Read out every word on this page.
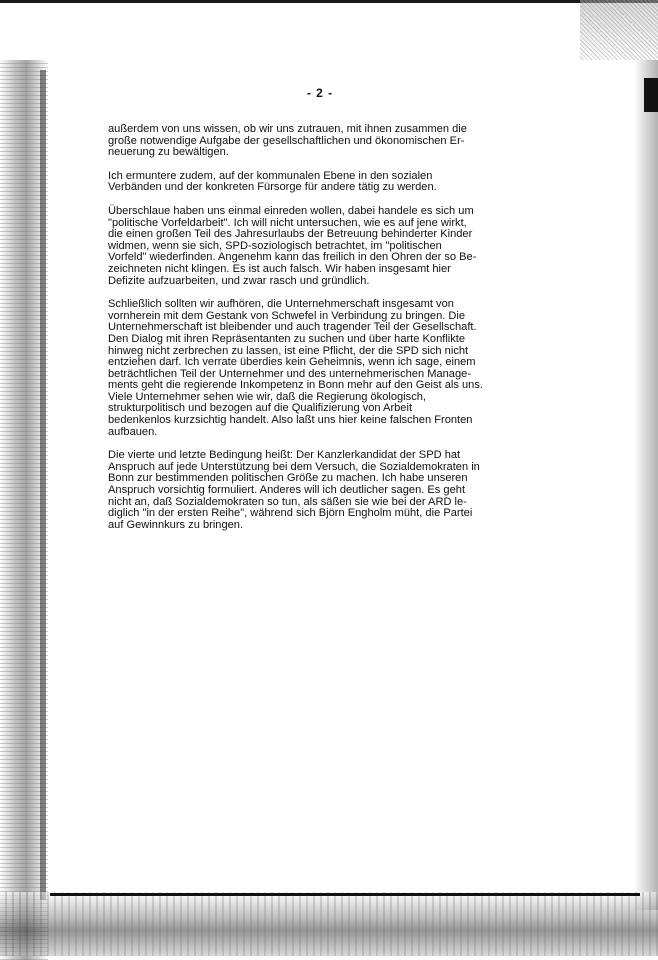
- 2 -

außerdem von uns wissen, ob wir uns zutrauen, mit ihnen zusammen die
große notwendige Aufgabe der gesellschaftlichen und ökonomischen Er-
neuerung zu bewältigen.

Ich ermuntere zudem, auf der kommunalen Ebene in den sozialen
Verbänden und der konkreten Fürsorge für andere tätig zu werden.

Überschlaue haben uns einmal einreden wollen, dabei handele es sich um
"politische Vorfeldarbeit". Ich will nicht untersuchen, wie es auf jene wirkt,
die einen großen Teil des Jahresurlaubs der Betreuung behinderter Kinder
widmen, wenn sie sich, SPD-soziologisch betrachtet, im "politischen
Vorfeld" wiederfinden. Angenehm kann das freilich in den Ohren der so Be-
zeichneten nicht klingen. Es ist auch falsch. Wir haben insgesamt hier
Defizite aufzuarbeiten, und zwar rasch und gründlich.

Schließlich sollten wir aufhören, die Unternehmerschaft insgesamt von
vornherein mit dem Gestank von Schwefel in Verbindung zu bringen. Die
Unternehmerschaft ist bleibender und auch tragender Teil der Gesellschaft.
Den Dialog mit ihren Repräsentanten zu suchen und über harte Konflikte
hinweg nicht zerbrechen zu lassen, ist eine Pflicht, der die SPD sich nicht
entziehen darf. Ich verrate überdies kein Geheimnis, wenn ich sage, einem
beträchtlichen Teil der Unternehmer und des unternehmerischen Manage-
ments geht die regierende Inkompetenz in Bonn mehr auf den Geist als uns.
Viele Unternehmer sehen wie wir, daß die Regierung ökologisch,
strukturpolitisch und bezogen auf die Qualifizierung von Arbeit
bedenkenlos kurzsichtig handelt. Also laßt uns hier keine falschen Fronten
aufbauen.

Die vierte und letzte Bedingung heißt: Der Kanzlerkandidat der SPD hat
Anspruch auf jede Unterstützung bei dem Versuch, die Sozialdemokraten in
Bonn zur bestimmenden politischen Größe zu machen. Ich habe unseren
Anspruch vorsichtig formuliert. Anderes will ich deutlicher sagen. Es geht
nicht an, daß Sozialdemokraten so tun, als säßen sie wie bei der ARD le-
diglich "in der ersten Reihe", während sich Björn Engholm müht, die Partei
auf Gewinnkurs zu bringen.
